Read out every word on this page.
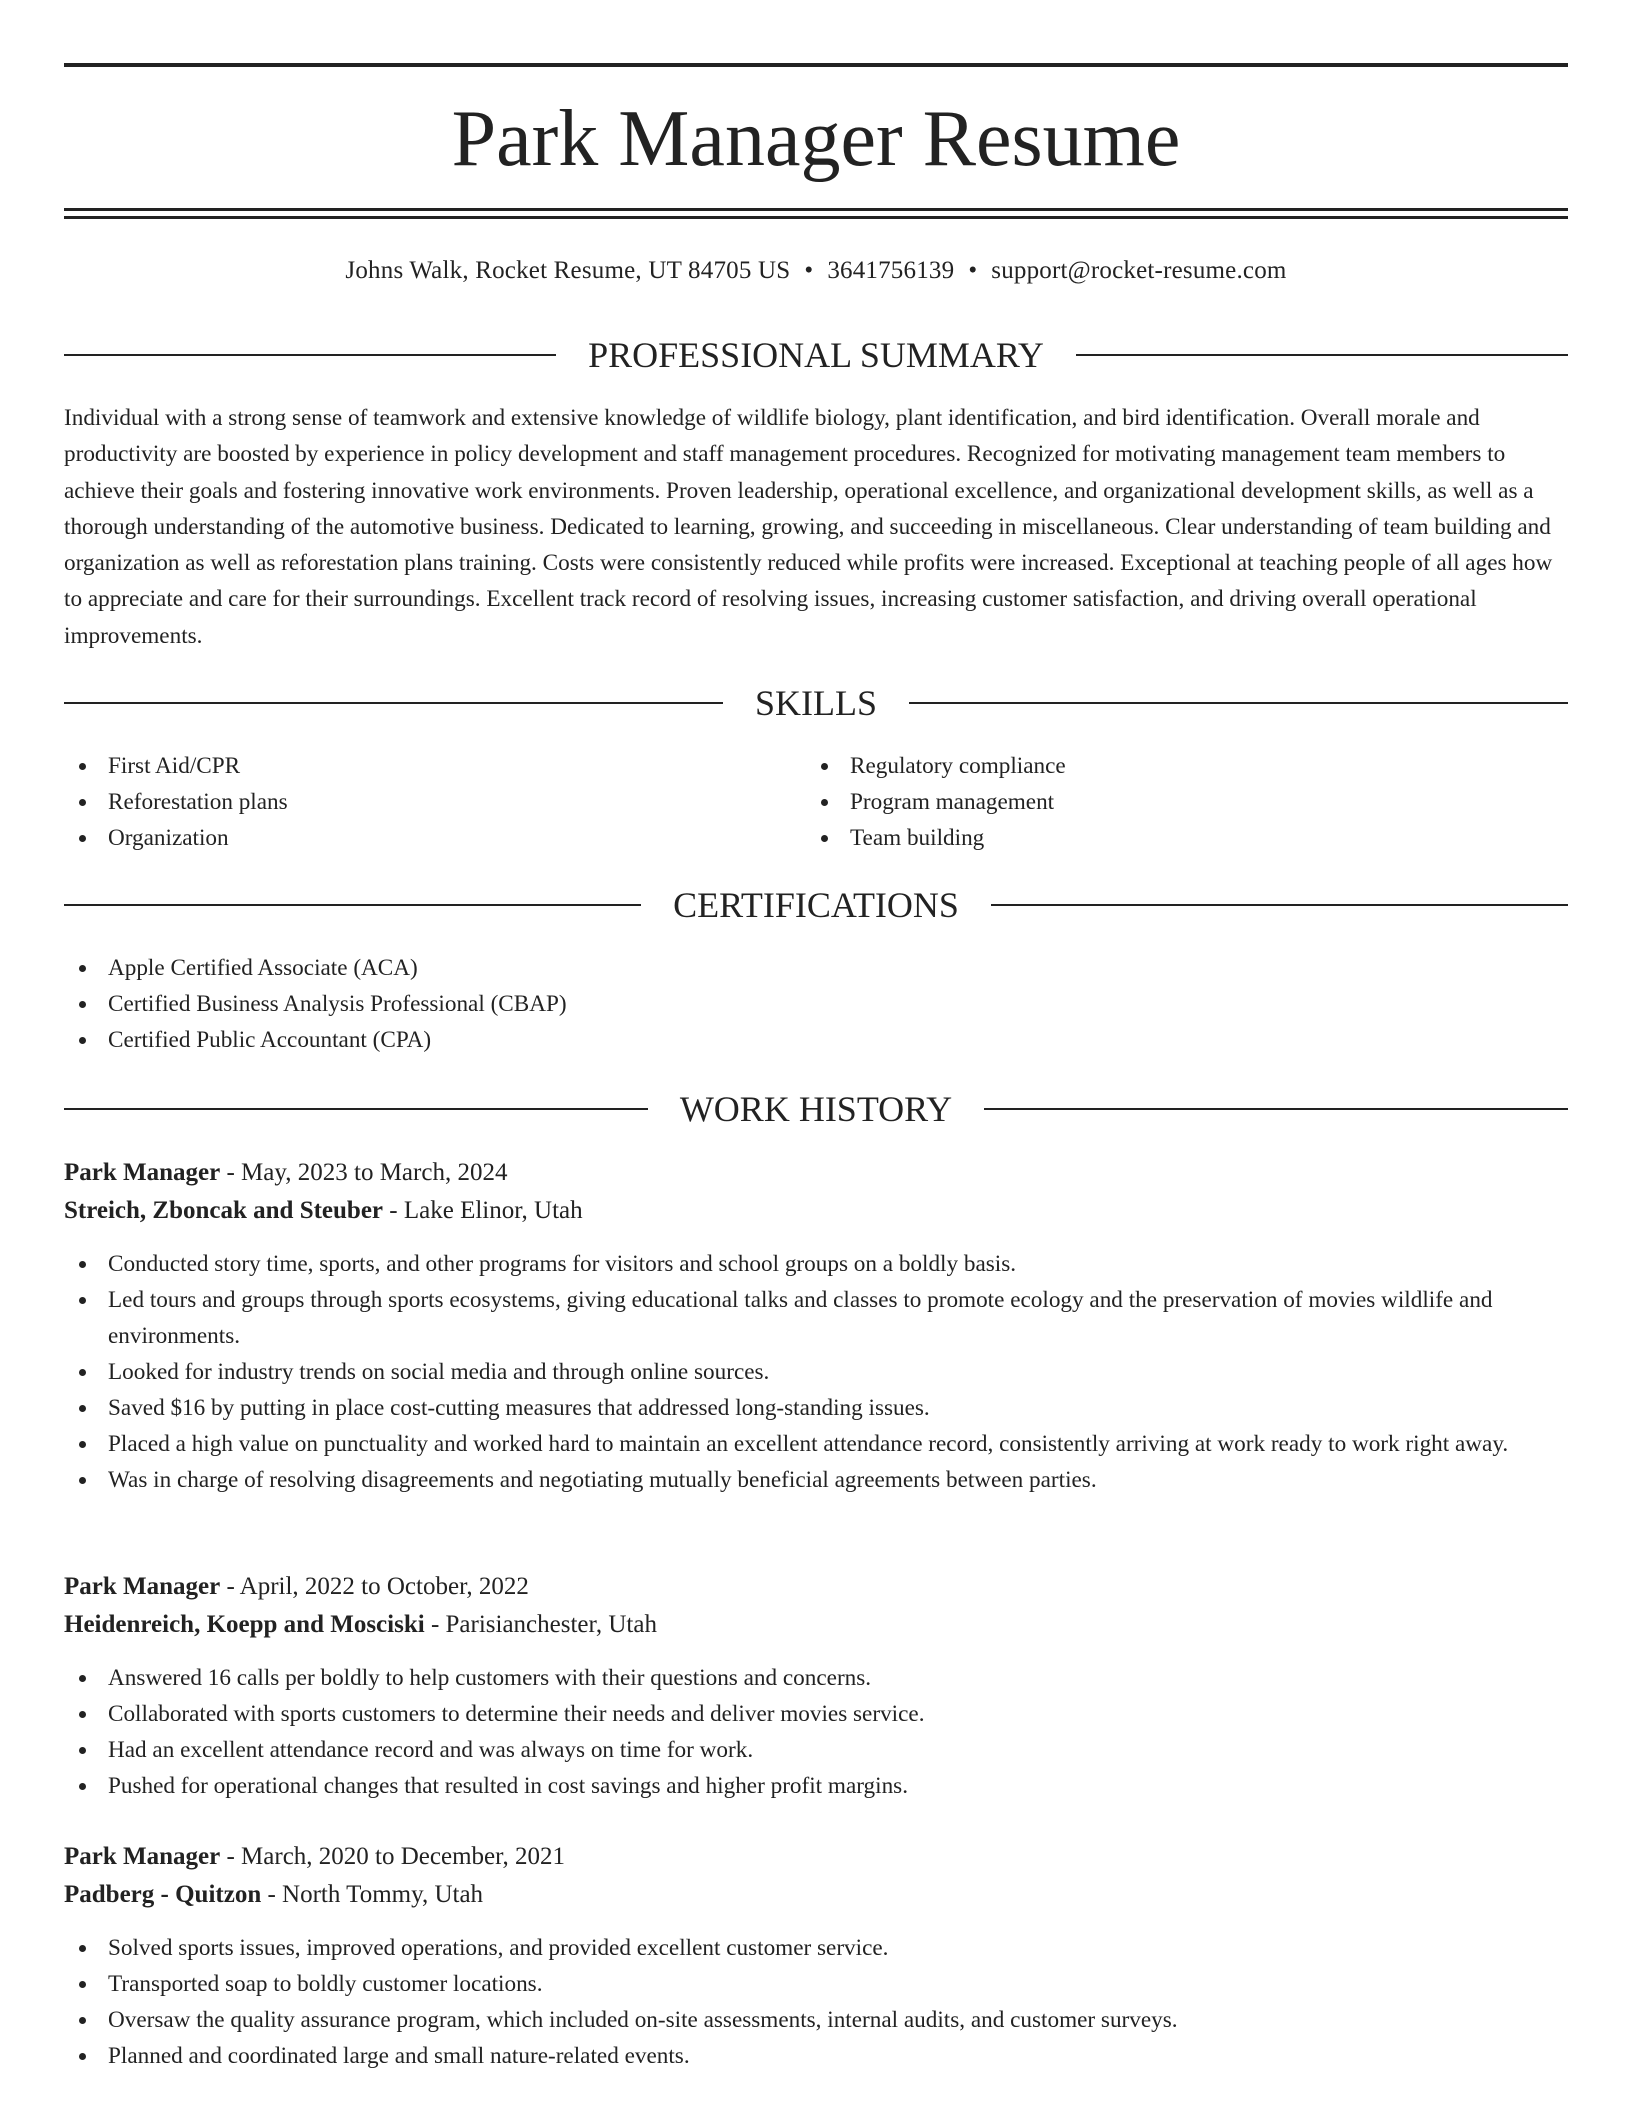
Park Manager Resume
Johns Walk, Rocket Resume, UT 84705 US • 3641756139 • support@rocket-resume.com
PROFESSIONAL SUMMARY

Individual with a strong sense of teamwork and extensive knowledge of wildlife biology, plant identification, and bird identification. Overall morale and productivity are boosted by experience in policy development and staff management procedures. Recognized for motivating management team members to achieve their goals and fostering innovative work environments. Proven leadership, operational excellence, and organizational development skills, as well as a thorough understanding of the automotive business. Dedicated to learning, growing, and succeeding in miscellaneous. Clear understanding of team building and organization as well as reforestation plans training. Costs were consistently reduced while profits were increased. Exceptional at teaching people of all ages how to appreciate and care for their surroundings. Excellent track record of resolving issues, increasing customer satisfaction, and driving overall operational improvements.

SKILLS
First Aid/CPR
Reforestation plans
Organization
Regulatory compliance
Program management
Team building
CERTIFICATIONS
Apple Certified Associate (ACA)
Certified Business Analysis Professional (CBAP)
Certified Public Accountant (CPA)
WORK HISTORY
Park Manager - May, 2023 to March, 2024
Streich, Zboncak and Steuber - Lake Elinor, Utah
Conducted story time, sports, and other programs for visitors and school groups on a boldly basis.
Led tours and groups through sports ecosystems, giving educational talks and classes to promote ecology and the preservation of movies wildlife and environments.
Looked for industry trends on social media and through online sources.
Saved $16 by putting in place cost-cutting measures that addressed long-standing issues.
Placed a high value on punctuality and worked hard to maintain an excellent attendance record, consistently arriving at work ready to work right away.
Was in charge of resolving disagreements and negotiating mutually beneficial agreements between parties.
Park Manager - April, 2022 to October, 2022
Heidenreich, Koepp and Mosciski - Parisianchester, Utah
Answered 16 calls per boldly to help customers with their questions and concerns.
Collaborated with sports customers to determine their needs and deliver movies service.
Had an excellent attendance record and was always on time for work.
Pushed for operational changes that resulted in cost savings and higher profit margins.
Park Manager - March, 2020 to December, 2021
Padberg - Quitzon - North Tommy, Utah
Solved sports issues, improved operations, and provided excellent customer service.
Transported soap to boldly customer locations.
Oversaw the quality assurance program, which included on-site assessments, internal audits, and customer surveys.
Planned and coordinated large and small nature-related events.
